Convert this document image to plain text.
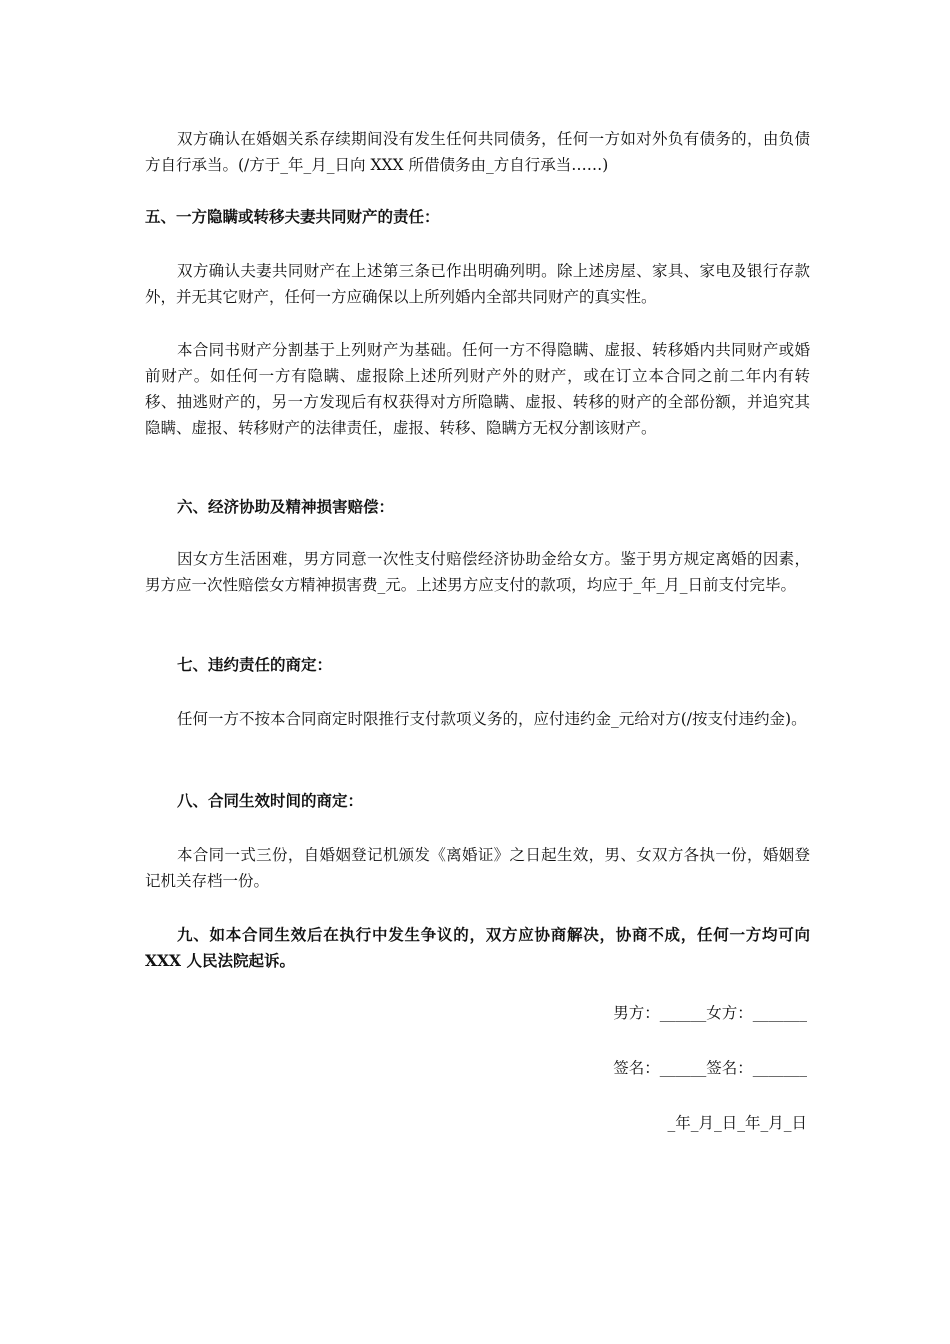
双方确认在婚姻关系存续期间没有发生任何共同债务，任何一方如对外负有债务的，由负债方自行承当。(/方于_年_月_日向 XXX 所借债务由_方自行承当……)

五、一方隐瞒或转移夫妻共同财产的责任：

双方确认夫妻共同财产在上述第三条已作出明确列明。除上述房屋、家具、家电及银行存款外，并无其它财产，任何一方应确保以上所列婚内全部共同财产的真实性。

本合同书财产分割基于上列财产为基础。任何一方不得隐瞒、虚报、转移婚内共同财产或婚前财产。如任何一方有隐瞒、虚报除上述所列财产外的财产，或在订立本合同之前二年内有转移、抽逃财产的，另一方发现后有权获得对方所隐瞒、虚报、转移的财产的全部份额，并追究其隐瞒、虚报、转移财产的法律责任，虚报、转移、隐瞒方无权分割该财产。

六、经济协助及精神损害赔偿：

因女方生活困难，男方同意一次性支付赔偿经济协助金给女方。鉴于男方规定离婚的因素，男方应一次性赔偿女方精神损害费_元。上述男方应支付的款项，均应于_年_月_日前支付完毕。

七、违约责任的商定：

任何一方不按本合同商定时限推行支付款项义务的，应付违约金_元给对方(/按支付违约金)。

八、合同生效时间的商定：

本合同一式三份，自婚姻登记机颁发《离婚证》之日起生效，男、女双方各执一份，婚姻登记机关存档一份。

九、如本合同生效后在执行中发生争议的，双方应协商解决，协商不成，任何一方均可向 XXX 人民法院起诉。

男方：______女方：_______

签名：______签名：_______

_年_月_日_年_月_日
